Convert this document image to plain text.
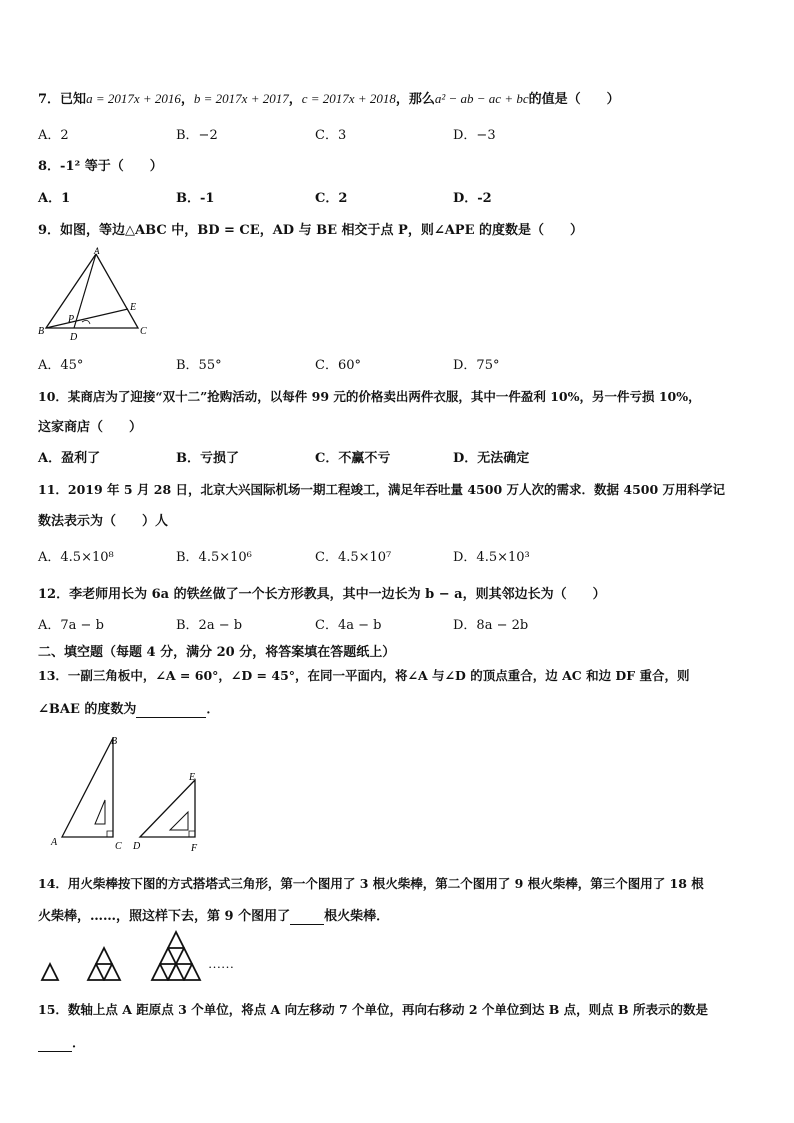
7．已知a = 2017x + 2016，b = 2017x + 2017，c = 2017x + 2018，那么a² − ab − ac + bc的值是（　　）
A．2	B．−2	C．3	D．−3
8．-1² 等于（　　）
A．1	B．-1	C．2	D．-2
9．如图，等边△ABC 中，BD = CE，AD 与 BE 相交于点 P，则∠APE 的度数是（　　）
A
B	C
D
E
P
A．45°	B．55°	C．60°	D．75°
10．某商店为了迎接“双十二”抢购活动，以每件 99 元的价格卖出两件衣服，其中一件盈利 10%，另一件亏损 10%，
这家商店（　　）
A．盈利了	B．亏损了	C．不赢不亏	D．无法确定
11．2019 年 5 月 28 日，北京大兴国际机场一期工程竣工，满足年吞吐量 4500 万人次的需求．数据 4500 万用科学记
数法表示为（　　）人
A．4.5×10⁸	B．4.5×10⁶	C．4.5×10⁷	D．4.5×10³
12．李老师用长为 6a 的铁丝做了一个长方形教具，其中一边长为 b − a，则其邻边长为（　　）
A．7a − b	B．2a − b	C．4a − b	D．8a − 2b
二、填空题（每题 4 分，满分 20 分，将答案填在答题纸上）
13．一副三角板中，∠A = 60°，∠D = 45°，在同一平面内，将∠A 与∠D 的顶点重合，边 AC 和边 DF 重合，则
∠BAE 的度数为	．
B
A	C
E
D	F
14．用火柴棒按下图的方式搭塔式三角形，第一个图用了 3 根火柴棒，第二个图用了 9 根火柴棒，第三个图用了 18 根
火柴棒，……，照这样下去，第 9 个图用了	根火柴棒．
……
15．数轴上点 A 距原点 3 个单位，将点 A 向左移动 7 个单位，再向右移动 2 个单位到达 B 点，则点 B 所表示的数是
．
